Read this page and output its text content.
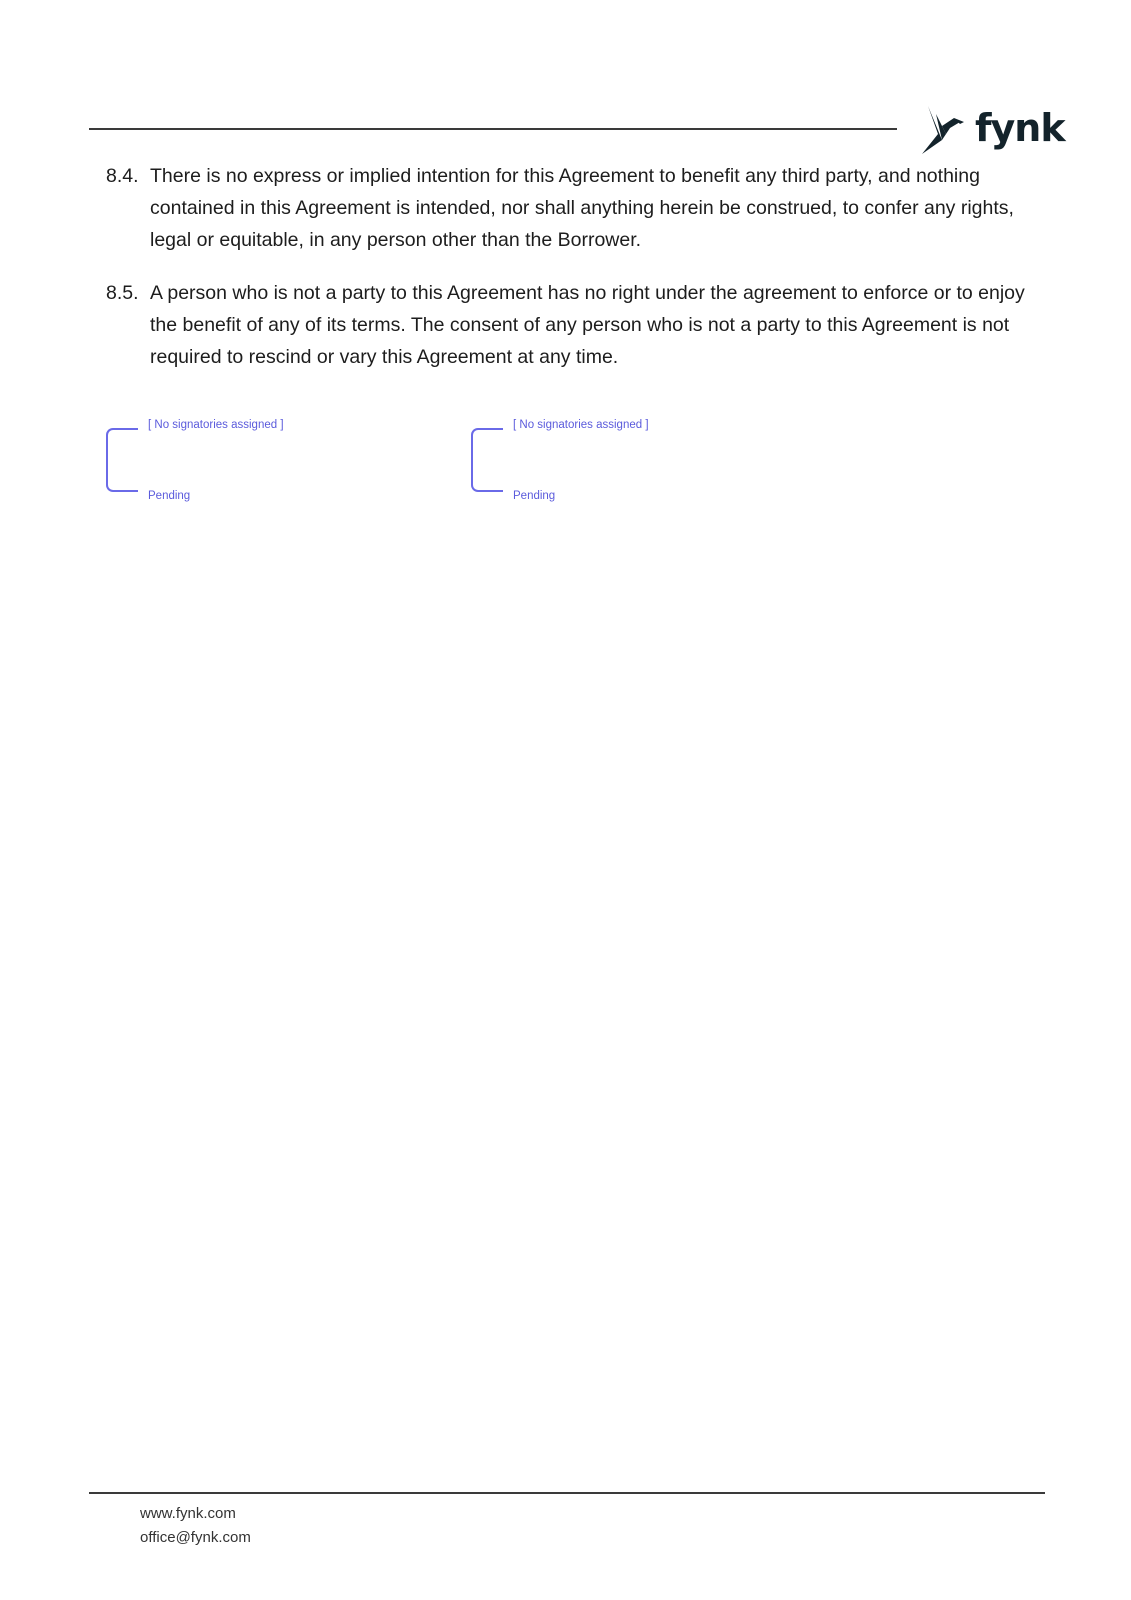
fynk
8.4. There is no express or implied intention for this Agreement to benefit any third party, and nothing contained in this Agreement is intended, nor shall anything herein be construed, to confer any rights, legal or equitable, in any person other than the Borrower.
8.5. A person who is not a party to this Agreement has no right under the agreement to enforce or to enjoy the benefit of any of its terms. The consent of any person who is not a party to this Agreement is not required to rescind or vary this Agreement at any time.
[ No signatories assigned ]
Pending
[ No signatories assigned ]
Pending
www.fynk.com
office@fynk.com
